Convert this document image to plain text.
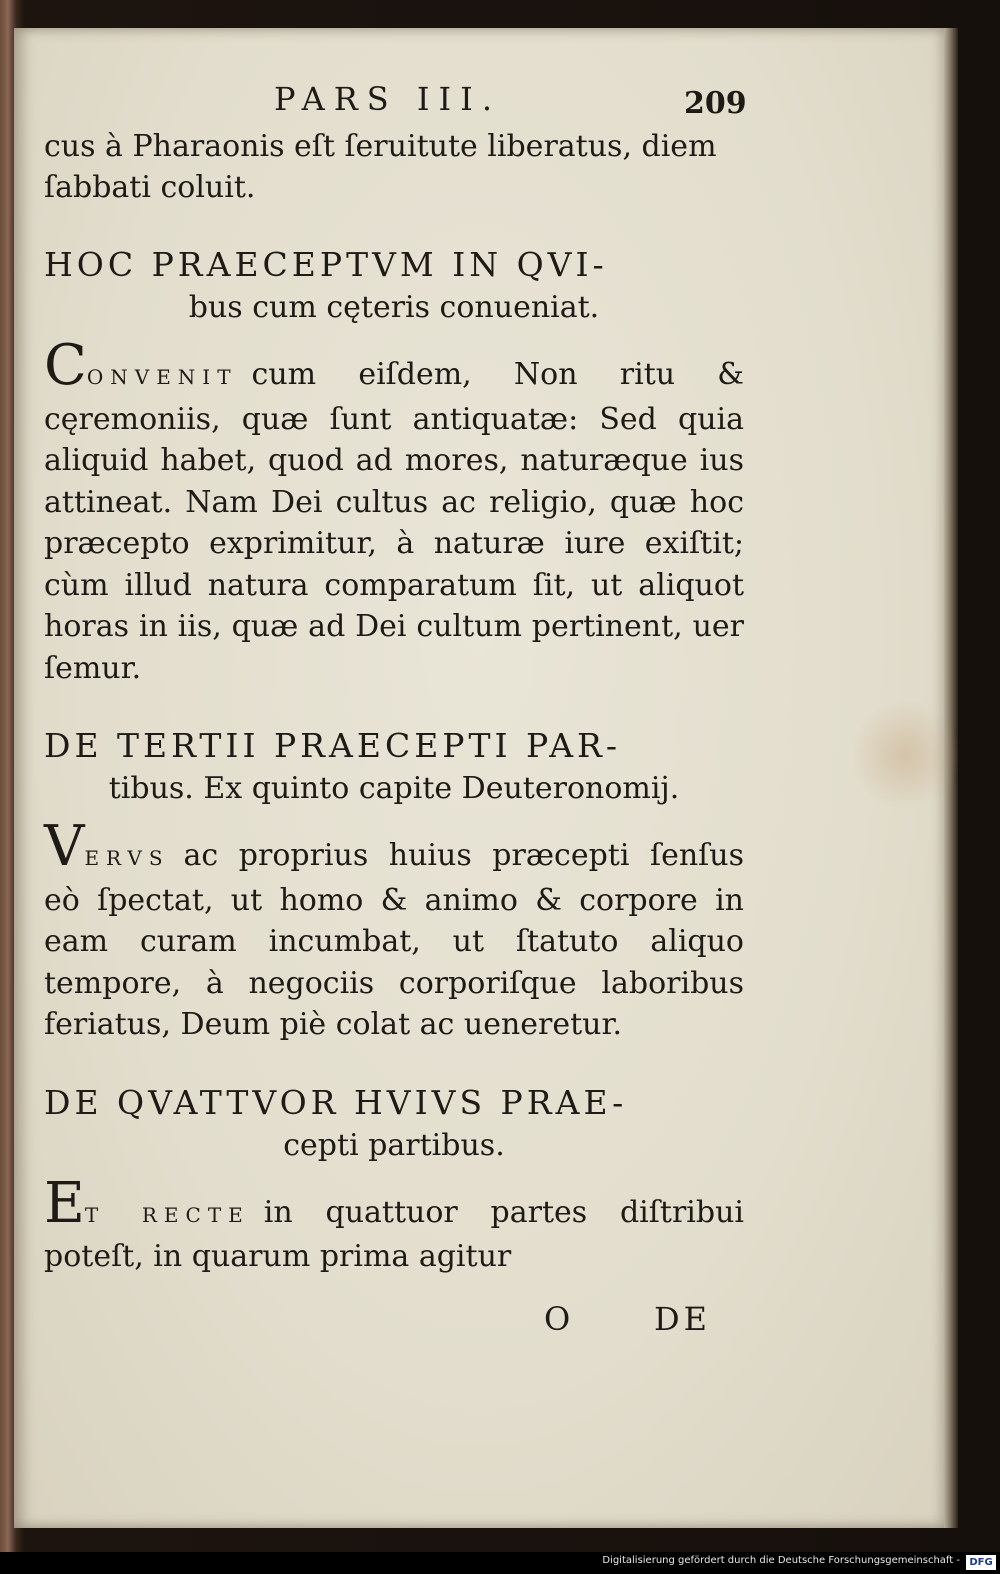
PARS III.	209

cus à Pharaonis eſt ſeruitute liberatus, diem

ſabbati coluit.

HOC PRAECEPTVM IN QVI-

bus cum cęteris conueniat.

CONVENIT cum eiſdem, Non ritu & cęremoniis, quæ ſunt antiquatæ: Sed quia aliquid habet, quod ad mores, naturæque ius attineat. Nam Dei cultus ac religio, quæ hoc præcepto exprimitur, à naturæ iure exiſtit; cùm illud natura comparatum ſit, ut aliquot horas in iis, quæ ad Dei cultum pertinent, uer ſemur.

DE TERTII PRAECEPTI PAR-

tibus. Ex quinto capite Deuteronomij.

VERVS ac proprius huius præcepti ſenſus eò ſpectat, ut homo & animo & corpore in eam curam incumbat, ut ſtatuto aliquo tempore, à negociis corporiſque laboribus feriatus, Deum piè colat ac ueneretur.

DE QVATTVOR HVIVS PRAE-

cepti partibus.

ET RECTE in quattuor partes diſtribui poteſt, in quarum prima agitur

O	DE
Digitalisierung gefördert durch die Deutsche Forschungsgemeinschaft - DFG
